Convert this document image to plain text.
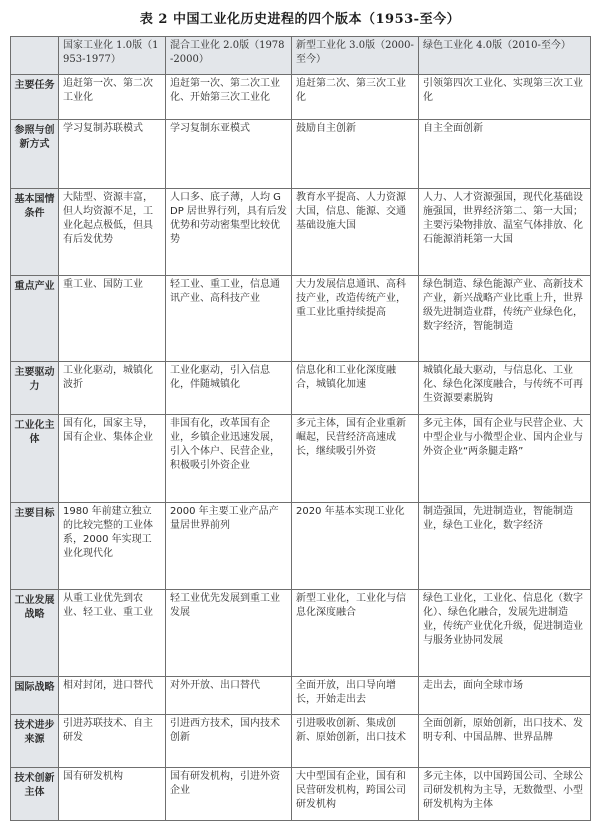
表 2 中国工业化历史进程的四个版本（1953-至今）
	国家工业化 1.0版（1953-1977）	混合工业化 2.0版（1978-2000）	新型工业化 3.0版（2000-至今）	绿色工业化 4.0版（2010-至今）
主要任务	追赶第一次、第二次工业化	追赶第一次、第二次工业化、开始第三次工业化	追赶第二次、第三次工业化	引领第四次工业化、实现第三次工业化
参照与创新方式	学习复制苏联模式	学习复制东亚模式	鼓励自主创新	自主全面创新
基本国情条件	大陆型、资源丰富，但人均资源不足，工业化起点极低，但具有后发优势	人口多、底子薄，人均 GDP 居世界行列，具有后发优势和劳动密集型比较优势	教育水平提高、人力资源大国，信息、能源、交通基础设施大国	人力、人才资源强国，现代化基础设施强国，世界经济第二、第一大国；主要污染物排放、温室气体排放、化石能源消耗第一大国
重点产业	重工业、国防工业	轻工业、重工业，信息通讯产业、高科技产业	大力发展信息通讯、高科技产业，改造传统产业，重工业比重持续提高	绿色制造、绿色能源产业、高新技术产业，新兴战略产业比重上升，世界级先进制造业群，传统产业绿色化，数字经济，智能制造
主要驱动力	工业化驱动，城镇化波折	工业化驱动，引入信息化，伴随城镇化	信息化和工业化深度融合，城镇化加速	城镇化最大驱动，与信息化、工业化、绿色化深度融合，与传统不可再生资源要素脱钩
工业化主体	国有化，国家主导，国有企业、集体企业	非国有化，改革国有企业，乡镇企业迅速发展，引入个体户、民营企业，积极吸引外资企业	多元主体，国有企业重新崛起，民营经济高速成长，继续吸引外资	多元主体，国有企业与民营企业、大中型企业与小微型企业、国内企业与外资企业“两条腿走路”
主要目标	1980 年前建立独立的比较完整的工业体系，2000 年实现工业化现代化	2000 年主要工业产品产量居世界前列	2020 年基本实现工业化	制造强国，先进制造业，智能制造业，绿色工业化，数字经济
工业发展战略	从重工业优先到农业、轻工业、重工业	轻工业优先发展到重工业发展	新型工业化，工业化与信息化深度融合	绿色工业化，工业化、信息化（数字化）、绿色化融合，发展先进制造业，传统产业优化升级，促进制造业与服务业协同发展
国际战略	相对封闭，进口替代	对外开放、出口替代	全面开放，出口导向增长，开始走出去	走出去，面向全球市场
技术进步来源	引进苏联技术、自主研发	引进西方技术，国内技术创新	引进吸收创新、集成创新、原始创新，出口技术	全面创新，原始创新，出口技术、发明专利、中国品牌、世界品牌
技术创新主体	国有研发机构	国有研发机构，引进外资企业	大中型国有企业，国有和民营研发机构，跨国公司研发机构	多元主体，以中国跨国公司、全球公司研发机构为主导，无数微型、小型研发机构为主体
